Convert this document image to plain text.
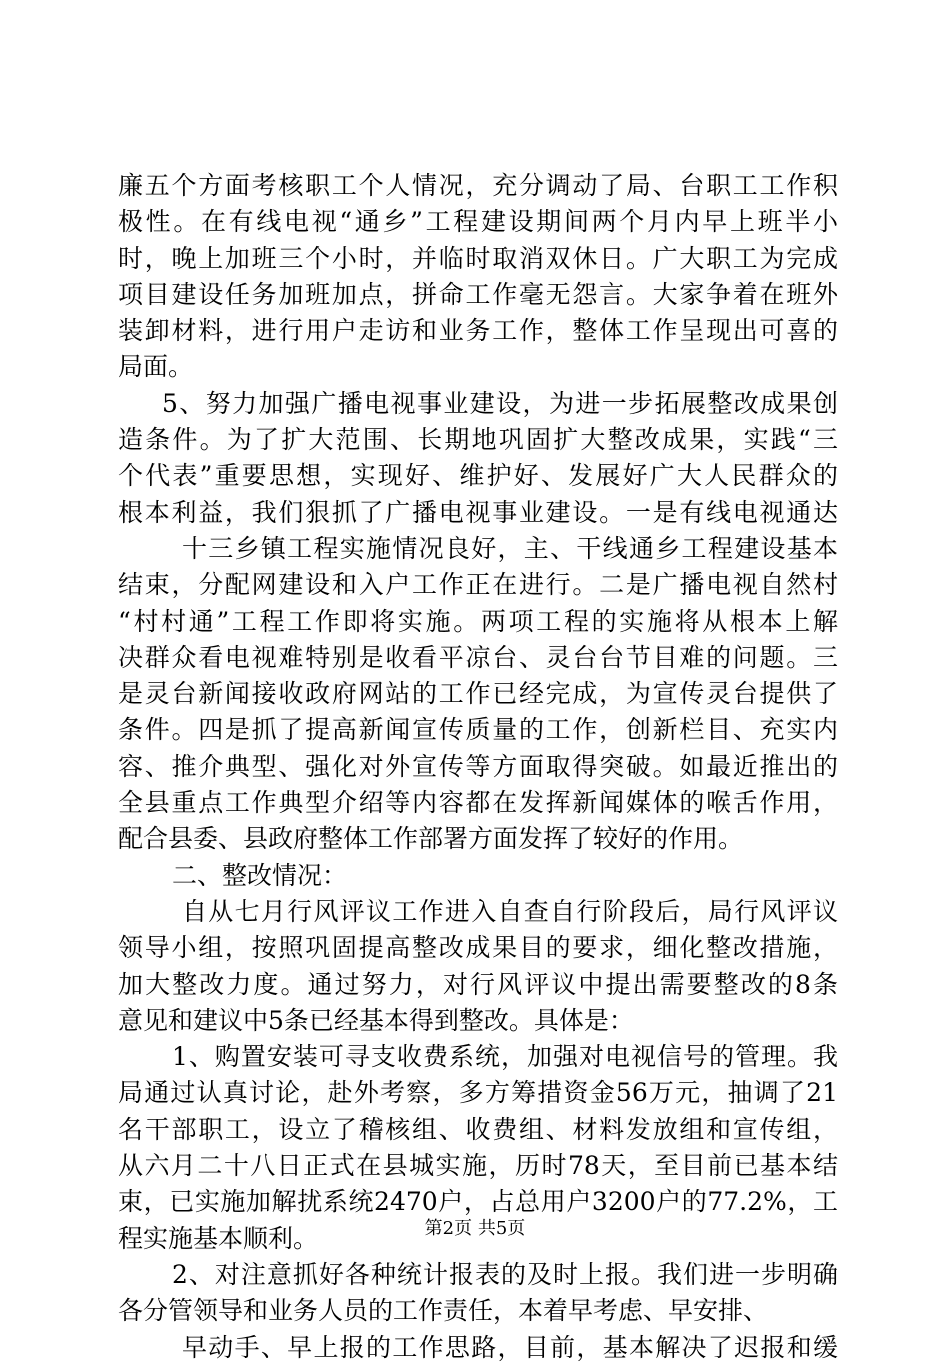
廉五个方面考核职工个人情况，充分调动了局、台职工工作积
极性。在有线电视“通乡”工程建设期间两个月内早上班半小
时，晚上加班三个小时，并临时取消双休日。广大职工为完成
项目建设任务加班加点，拼命工作毫无怨言。大家争着在班外
装卸材料，进行用户走访和业务工作，整体工作呈现出可喜的
局面。
5、努力加强广播电视事业建设，为进一步拓展整改成果创
造条件。为了扩大范围、长期地巩固扩大整改成果，实践“三
个代表”重要思想，实现好、维护好、发展好广大人民群众的
根本利益，我们狠抓了广播电视事业建设。一是有线电视通达
十三乡镇工程实施情况良好，主、干线通乡工程建设基本
结束，分配网建设和入户工作正在进行。二是广播电视自然村
“村村通”工程工作即将实施。两项工程的实施将从根本上解
决群众看电视难特别是收看平凉台、灵台台节目难的问题。三
是灵台新闻接收政府网站的工作已经完成，为宣传灵台提供了
条件。四是抓了提高新闻宣传质量的工作，创新栏目、充实内
容、推介典型、强化对外宣传等方面取得突破。如最近推出的
全县重点工作典型介绍等内容都在发挥新闻媒体的喉舌作用，
配合县委、县政府整体工作部署方面发挥了较好的作用。
二、整改情况：
自从七月行风评议工作进入自查自行阶段后，局行风评议
领导小组，按照巩固提高整改成果目的要求，细化整改措施，
加大整改力度。通过努力，对行风评议中提出需要整改的8条
意见和建议中5条已经基本得到整改。具体是：
1、购置安装可寻支收费系统，加强对电视信号的管理。我
局通过认真讨论，赴外考察，多方筹措资金56万元，抽调了21
名干部职工，设立了稽核组、收费组、材料发放组和宣传组，
从六月二十八日正式在县城实施，历时78天，至目前已基本结
束，已实施加解扰系统2470户，占总用户3200户的77.2%，工
程实施基本顺利。
2、对注意抓好各种统计报表的及时上报。我们进一步明确
各分管领导和业务人员的工作责任，本着早考虑、早安排、
早动手、早上报的工作思路，目前，基本解决了迟报和缓
第2页 共5页
